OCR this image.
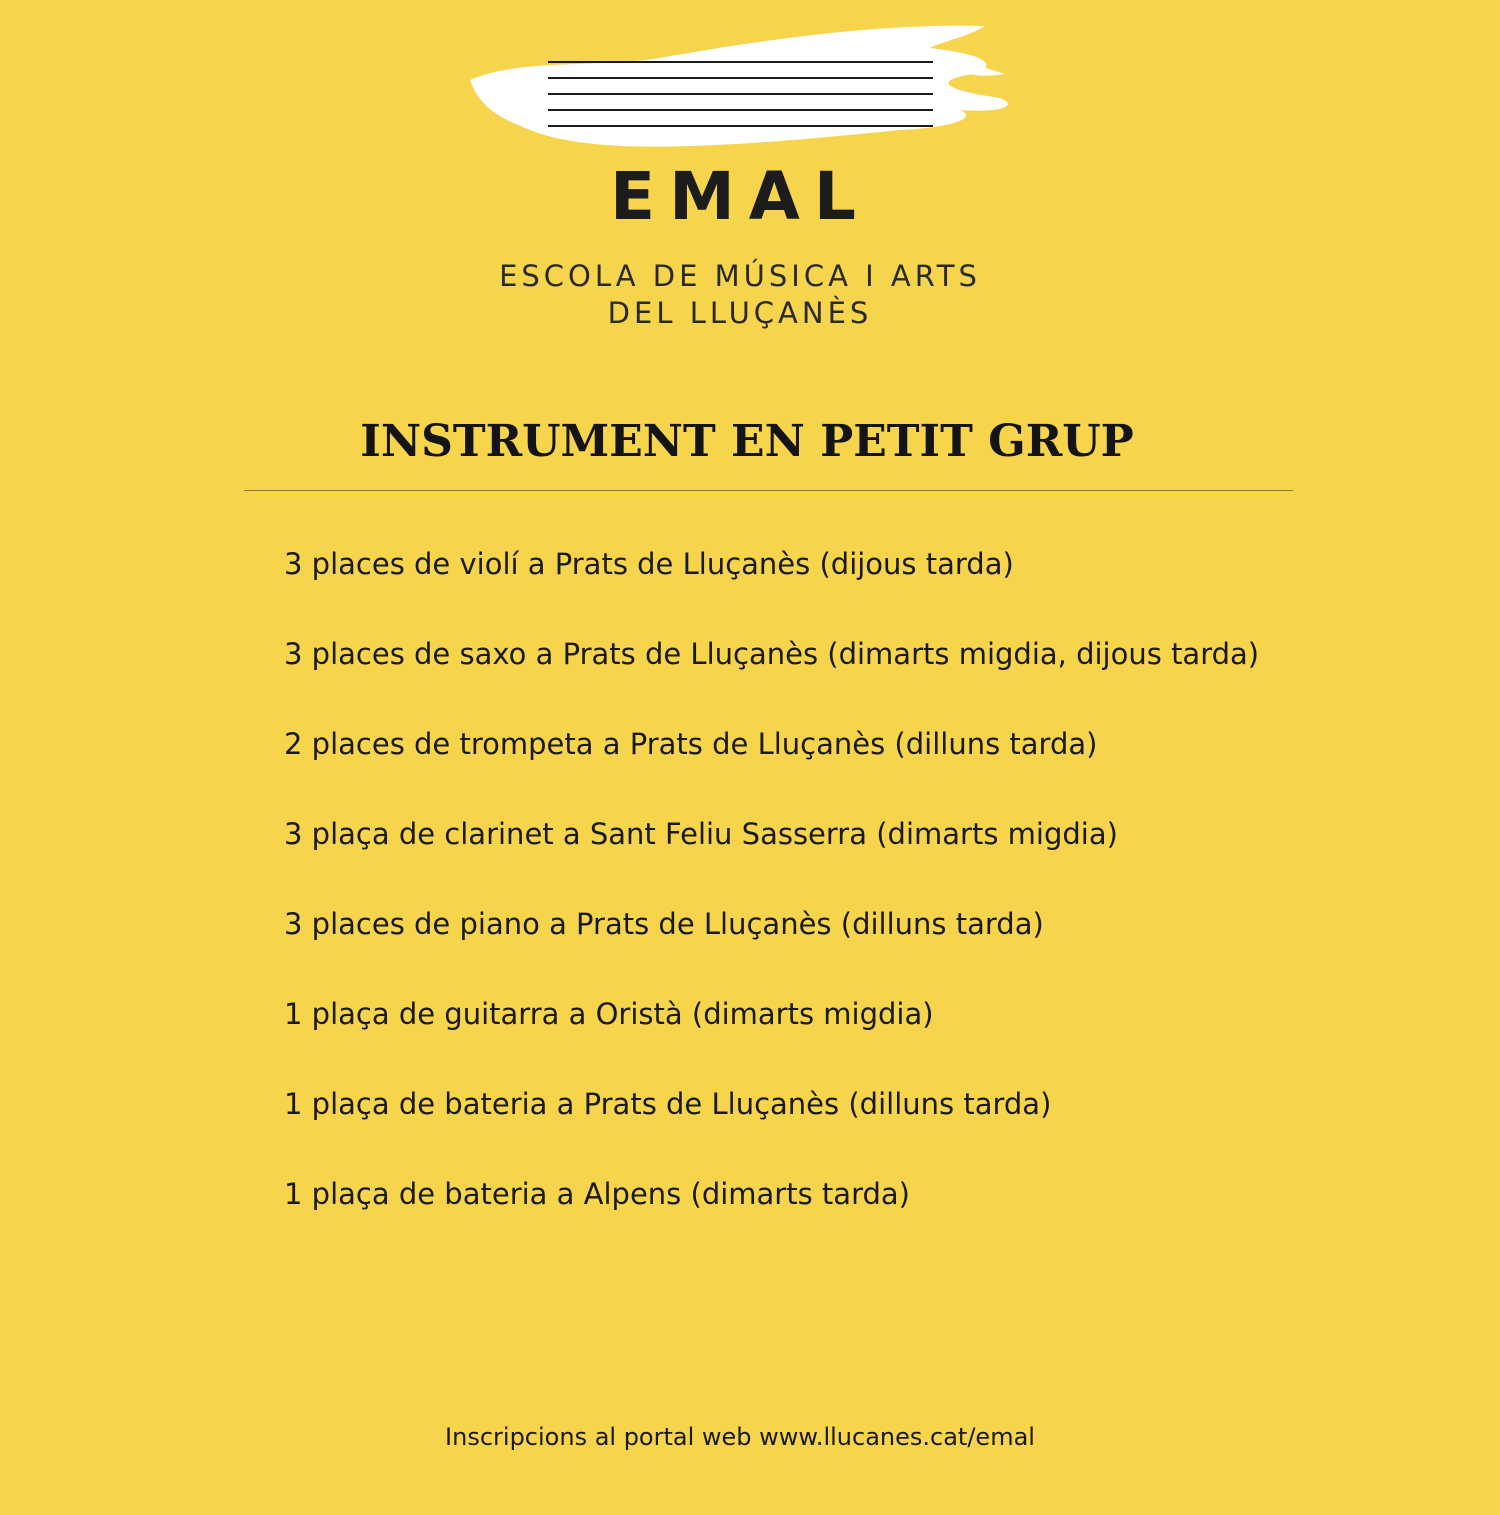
EMAL
ESCOLA DE MÚSICA I ARTS
DEL LLUÇANÈS
INSTRUMENT EN PETIT GRUP
3 places de violí a Prats de Lluçanès (dijous tarda)
3 places de saxo a Prats de Lluçanès (dimarts migdia, dijous tarda)
2 places de trompeta a Prats de Lluçanès (dilluns tarda)
3 plaça de clarinet a Sant Feliu Sasserra (dimarts migdia)
3 places de piano a Prats de Lluçanès (dilluns tarda)
1 plaça de guitarra a Oristà (dimarts migdia)
1 plaça de bateria a Prats de Lluçanès (dilluns tarda)
1 plaça de bateria a Alpens (dimarts tarda)
Inscripcions al portal web www.llucanes.cat/emal
